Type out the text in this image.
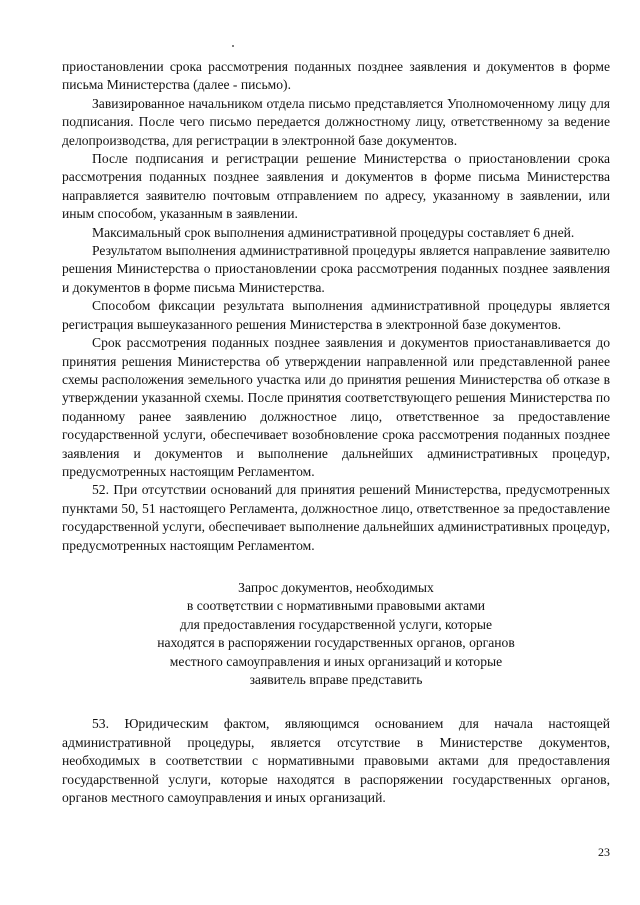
приостановлении срока рассмотрения поданных позднее заявления и документов в форме письма Министерства (далее - письмо).

Завизированное начальником отдела письмо представляется Уполномоченному лицу для подписания. После чего письмо передается должностному лицу, ответственному за ведение делопроизводства, для регистрации в электронной базе документов.

После подписания и регистрации решение Министерства о приостановлении срока рассмотрения поданных позднее заявления и документов в форме письма Министерства направляется заявителю почтовым отправлением по адресу, указанному в заявлении, или иным способом, указанным в заявлении.

Максимальный срок выполнения административной процедуры составляет 6 дней.

Результатом выполнения административной процедуры является направление заявителю решения Министерства о приостановлении срока рассмотрения поданных позднее заявления и документов в форме письма Министерства.

Способом фиксации результата выполнения административной процедуры является регистрация вышеуказанного решения Министерства в электронной базе документов.

Срок рассмотрения поданных позднее заявления и документов приостанавливается до принятия решения Министерства об утверждении направленной или представленной ранее схемы расположения земельного участка или до принятия решения Министерства об отказе в утверждении указанной схемы. После принятия соответствующего решения Министерства по поданному ранее заявлению должностное лицо, ответственное за предоставление государственной услуги, обеспечивает возобновление срока рассмотрения поданных позднее заявления и документов и выполнение дальнейших административных процедур, предусмотренных настоящим Регламентом.

52. При отсутствии оснований для принятия решений Министерства, предусмотренных пунктами 50, 51 настоящего Регламента, должностное лицо, ответственное за предоставление государственной услуги, обеспечивает выполнение дальнейших административных процедур, предусмотренных настоящим Регламентом.

Запрос документов, необходимых
в соответствии с нормативными правовыми актами
для предоставления государственной услуги, которые
находятся в распоряжении государственных органов, органов
местного самоуправления и иных организаций и которые
заявитель вправе представить

53. Юридическим фактом, являющимся основанием для начала настоящей административной процедуры, является отсутствие в Министерстве документов, необходимых в соответствии с нормативными правовыми актами для предоставления государственной услуги, которые находятся в распоряжении государственных органов, органов местного самоуправления и иных организаций.

23
